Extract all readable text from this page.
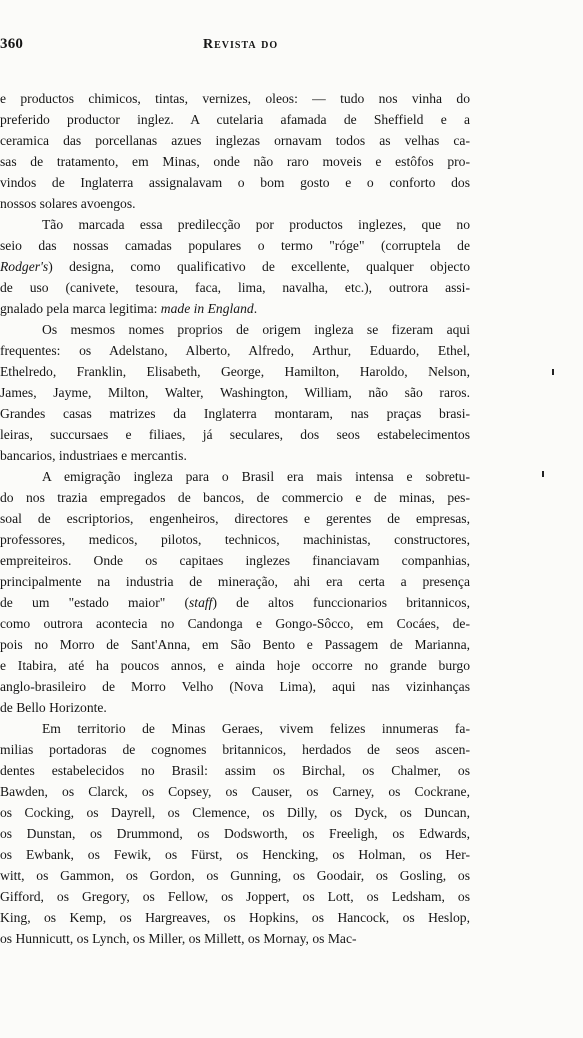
360	Revista do

e productos chimicos, tintas, vernizes, oleos: — tudo nos vinha do
preferido productor inglez. A cutelaria afamada de Sheffield e a
ceramica das porcellanas azues inglezas ornavam todos as velhas ca-
sas de tratamento, em Minas, onde não raro moveis e estôfos pro-
vindos de Inglaterra assignalavam o bom gosto e o conforto dos
nossos solares avoengos.

Tão marcada essa predilecção por productos inglezes, que no
seio das nossas camadas populares o termo "róge" (corruptela de
Rodger's) designa, como qualificativo de excellente, qualquer objecto
de uso (canivete, tesoura, faca, lima, navalha, etc.), outrora assi-
gnalado pela marca legitima: made in England.

Os mesmos nomes proprios de origem ingleza se fizeram aqui
frequentes: os Adelstano, Alberto, Alfredo, Arthur, Eduardo, Ethel,
Ethelredo, Franklin, Elisabeth, George, Hamilton, Haroldo, Nelson,
James, Jayme, Milton, Walter, Washington, William, não são raros.
Grandes casas matrizes da Inglaterra montaram, nas praças brasi-
leiras, succursaes e filiaes, já seculares, dos seos estabelecimentos
bancarios, industriaes e mercantis.

A emigração ingleza para o Brasil era mais intensa e sobretu-
do nos trazia empregados de bancos, de commercio e de minas, pes-
soal de escriptorios, engenheiros, directores e gerentes de empresas,
professores, medicos, pilotos, technicos, machinistas, constructores,
empreiteiros. Onde os capitaes inglezes financiavam companhias,
principalmente na industria de mineração, ahi era certa a presença
de um "estado maior" (staff) de altos funccionarios britannicos,
como outrora acontecia no Candonga e Gongo-Sôcco, em Cocáes, de-
pois no Morro de Sant'Anna, em São Bento e Passagem de Marianna,
e Itabira, até ha poucos annos, e ainda hoje occorre no grande burgo
anglo-brasileiro de Morro Velho (Nova Lima), aqui nas vizinhanças
de Bello Horizonte.

Em territorio de Minas Geraes, vivem felizes innumeras fa-
milias portadoras de cognomes britannicos, herdados de seos ascen-
dentes estabelecidos no Brasil: assim os Birchal, os Chalmer, os
Bawden, os Clarck, os Copsey, os Causer, os Carney, os Cockrane,
os Cocking, os Dayrell, os Clemence, os Dilly, os Dyck, os Duncan,
os Dunstan, os Drummond, os Dodsworth, os Freeligh, os Edwards,
os Ewbank, os Fewik, os Fürst, os Hencking, os Holman, os Her-
witt, os Gammon, os Gordon, os Gunning, os Goodair, os Gosling, os
Gifford, os Gregory, os Fellow, os Joppert, os Lott, os Ledsham, os
King, os Kemp, os Hargreaves, os Hopkins, os Hancock, os Heslop,
os Hunnicutt, os Lynch, os Miller, os Millett, os Mornay, os Mac-
